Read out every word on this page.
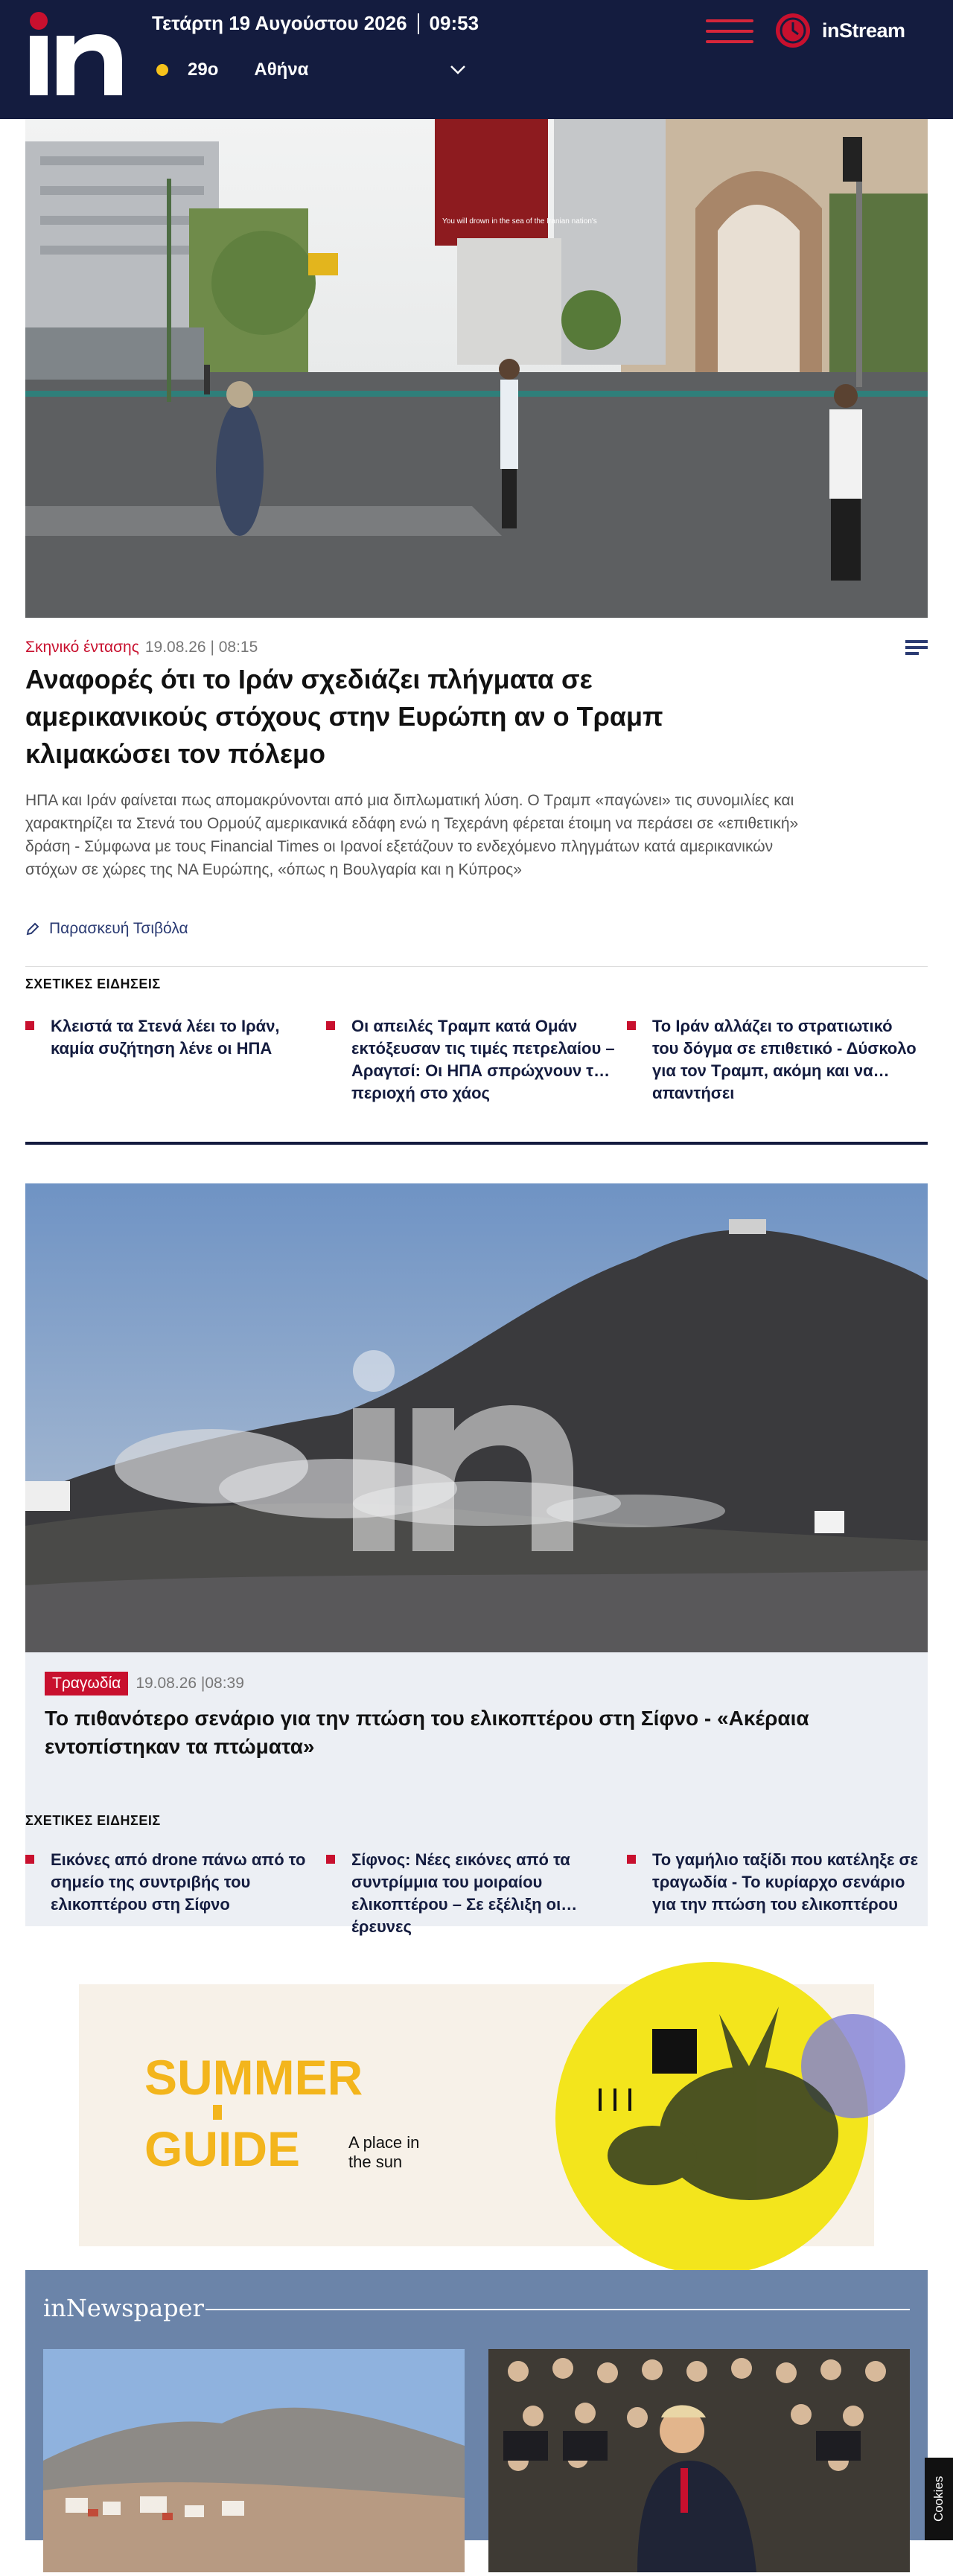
Τετάρτη 19 Αυγούστου 2026 09:53
29ο Αθήνα
inStream
You will drown in the sea of the Iranian nation's
Σκηνικό έντασης 19.08.26 | 08:15
Αναφορές ότι το Ιράν σχεδιάζει πλήγματα σε αμερικανικούς στόχους στην Ευρώπη αν ο Τραμπ κλιμακώσει τον πόλεμο

ΗΠΑ και Ιράν φαίνεται πως απομακρύνονται από μια διπλωματική λύση. Ο Τραμπ «παγώνει» τις συνομιλίες και χαρακτηρίζει τα Στενά του Ορμούζ αμερικανικά εδάφη ενώ η Τεχεράνη φέρεται έτοιμη να περάσει σε «επιθετική» δράση - Σύμφωνα με τους Financial Times οι Ιρανοί εξετάζουν το ενδεχόμενο πληγμάτων κατά αμερικανικών στόχων σε χώρες της ΝΑ Ευρώπης, «όπως η Βουλγαρία και η Κύπρος»

Παρασκευή Τσιβόλα
ΣΧΕΤΙΚΕΣ ΕΙΔΗΣΕΙΣ
Κλειστά τα Στενά λέει το Ιράν, καμία συζήτηση λένε οι ΗΠΑ
Οι απειλές Τραμπ κατά Ομάν εκτόξευσαν τις τιμές πετρελαίου – Αραγτσί: Οι ΗΠΑ σπρώχνουν την περιοχή στο χάος
Το Ιράν αλλάζει το στρατιωτικό του δόγμα σε επιθετικό - Δύσκολο για τον Τραμπ, ακόμη και να απαντήσει
Τραγωδία 19.08.26 |08:39
Το πιθανότερο σενάριο για την πτώση του ελικοπτέρου στη Σίφνο - «Ακέραια εντοπίστηκαν τα πτώματα»
ΣΧΕΤΙΚΕΣ ΕΙΔΗΣΕΙΣ
Εικόνες από drone πάνω από το σημείο της συντριβής του ελικοπτέρου στη Σίφνο
Σίφνος: Νέες εικόνες από τα συντρίμμια του μοιραίου ελικοπτέρου – Σε εξέλιξη οι έρευνες
Το γαμήλιο ταξίδι που κατέληξε σε τραγωδία - Το κυρίαρχο σενάριο για την πτώση του ελικοπτέρου
SUMMER
GUIDE	A place in
the sun
inNewspaper
Cookies
